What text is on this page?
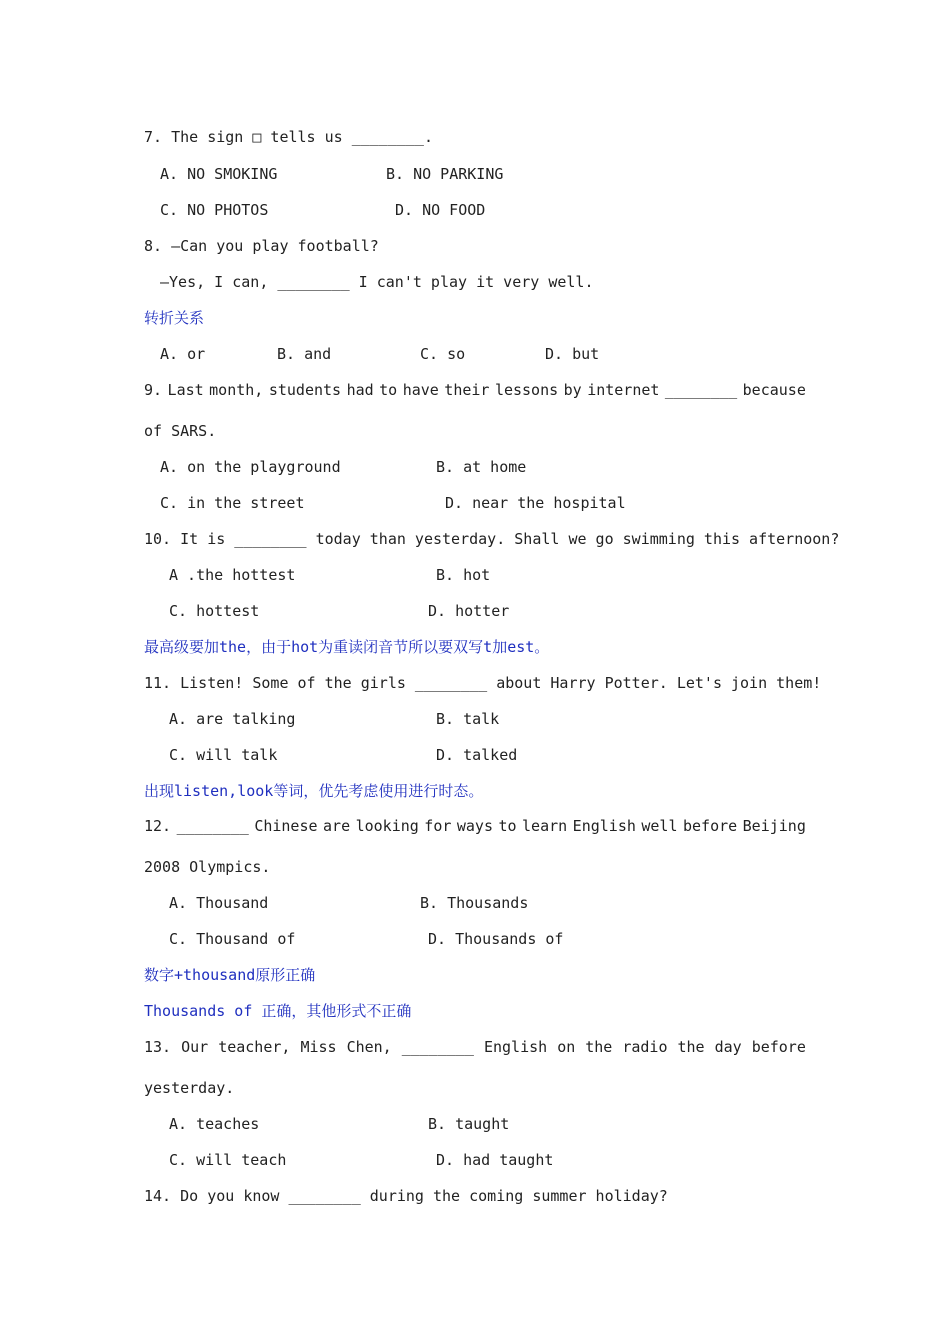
7. The sign □ tells us ________.
A. NO SMOKING	B. NO PARKING
C. NO PHOTOS	D. NO FOOD
8. —Can you play football?
—Yes, I can, ________ I can't play it very well.
转折关系
A. or	B. and	C. so	D. but
9. Last month, students had to have their lessons by internet ________ because
of SARS.
A. on the playground	B. at home
C. in the street	D. near the hospital
10. It is ________ today than yesterday. Shall we go swimming this afternoon?
A .the hottest	B. hot
C. hottest	D. hotter
最高级要加the，由于hot为重读闭音节所以要双写t加est。
11. Listen! Some of the girls ________ about Harry Potter. Let's join them!
A. are talking	B. talk
C. will talk	D. talked
出现listen,look等词，优先考虑使用进行时态。
12. ________ Chinese are looking for ways to learn English well before Beijing
2008 Olympics.
A. Thousand	B. Thousands
C. Thousand of	D. Thousands of
数字+thousand原形正确
Thousands of 正确，其他形式不正确
13. Our teacher, Miss Chen, ________ English on the radio the day before
yesterday.
A. teaches	B. taught
C. will teach	D. had taught
14. Do you know ________ during the coming summer holiday?
